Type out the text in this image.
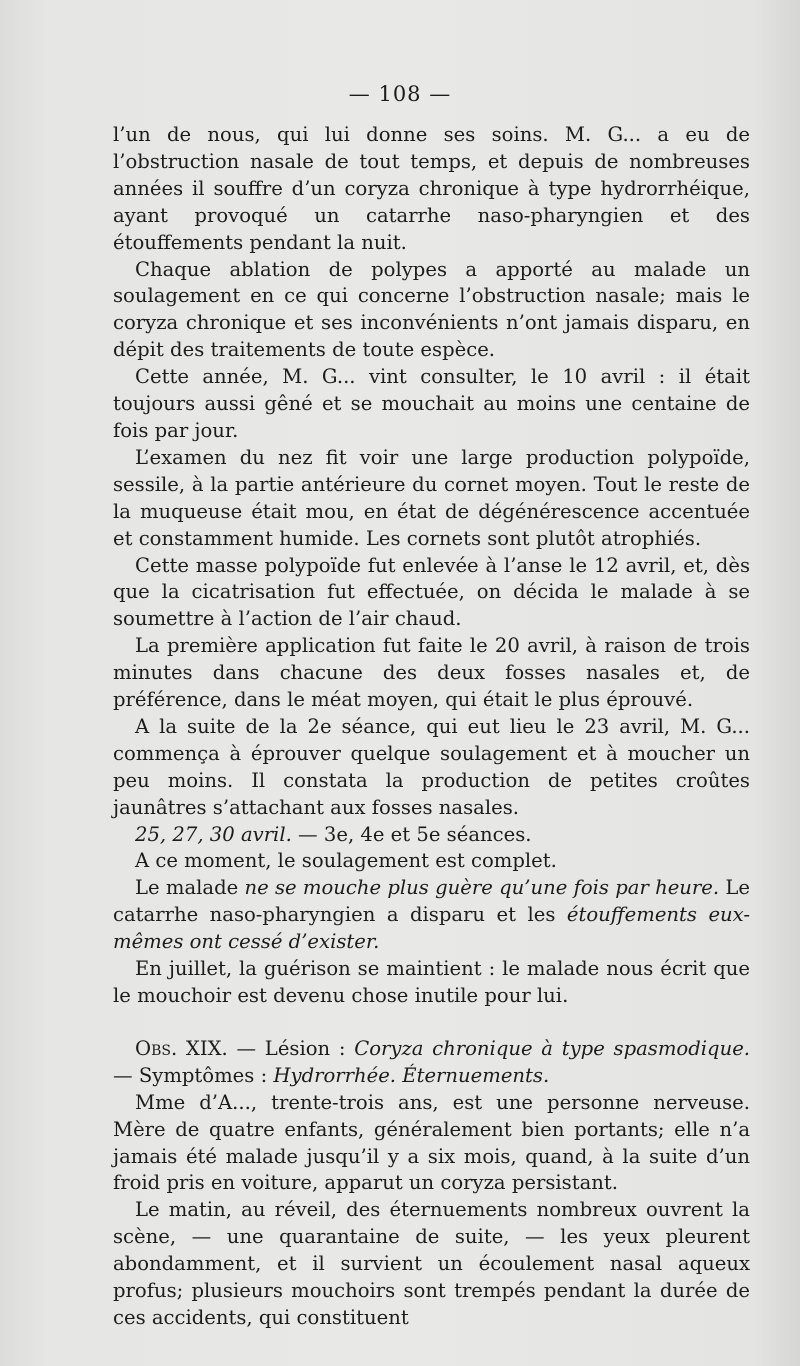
— 108 —

l’un de nous, qui lui donne ses soins. M. G... a eu de l’obstruction nasale de tout temps, et depuis de nombreuses années il souffre d’un coryza chronique à type hydrorrhéique, ayant provoqué un catarrhe naso-pharyngien et des étouffements pendant la nuit.

Chaque ablation de polypes a apporté au malade un soulagement en ce qui concerne l’obstruction nasale; mais le coryza chronique et ses inconvénients n’ont jamais disparu, en dépit des traitements de toute espèce.

Cette année, M. G... vint consulter, le 10 avril : il était toujours aussi gêné et se mouchait au moins une centaine de fois par jour.

L’examen du nez fit voir une large production polypoïde, sessile, à la partie antérieure du cornet moyen. Tout le reste de la muqueuse était mou, en état de dégénérescence accentuée et constamment humide. Les cornets sont plutôt atrophiés.

Cette masse polypoïde fut enlevée à l’anse le 12 avril, et, dès que la cicatrisation fut effectuée, on décida le malade à se soumettre à l’action de l’air chaud.

La première application fut faite le 20 avril, à raison de trois minutes dans chacune des deux fosses nasales et, de préférence, dans le méat moyen, qui était le plus éprouvé.

A la suite de la 2e séance, qui eut lieu le 23 avril, M. G... commença à éprouver quelque soulagement et à moucher un peu moins. Il constata la production de petites croûtes jaunâtres s’attachant aux fosses nasales.

25, 27, 30 avril. — 3e, 4e et 5e séances.

A ce moment, le soulagement est complet.

Le malade ne se mouche plus guère qu’une fois par heure. Le catarrhe naso-pharyngien a disparu et les étouffements eux-mêmes ont cessé d’exister.

En juillet, la guérison se maintient : le malade nous écrit que le mouchoir est devenu chose inutile pour lui.

Obs. XIX. — Lésion : Coryza chronique à type spasmodique. — Symptômes : Hydrorrhée. Éternuements.

Mme d’A..., trente-trois ans, est une personne nerveuse. Mère de quatre enfants, généralement bien portants; elle n’a jamais été malade jusqu’il y a six mois, quand, à la suite d’un froid pris en voiture, apparut un coryza persistant.

Le matin, au réveil, des éternuements nombreux ouvrent la scène, — une quarantaine de suite, — les yeux pleurent abondamment, et il survient un écoulement nasal aqueux profus; plusieurs mouchoirs sont trempés pendant la durée de ces accidents, qui constituent
